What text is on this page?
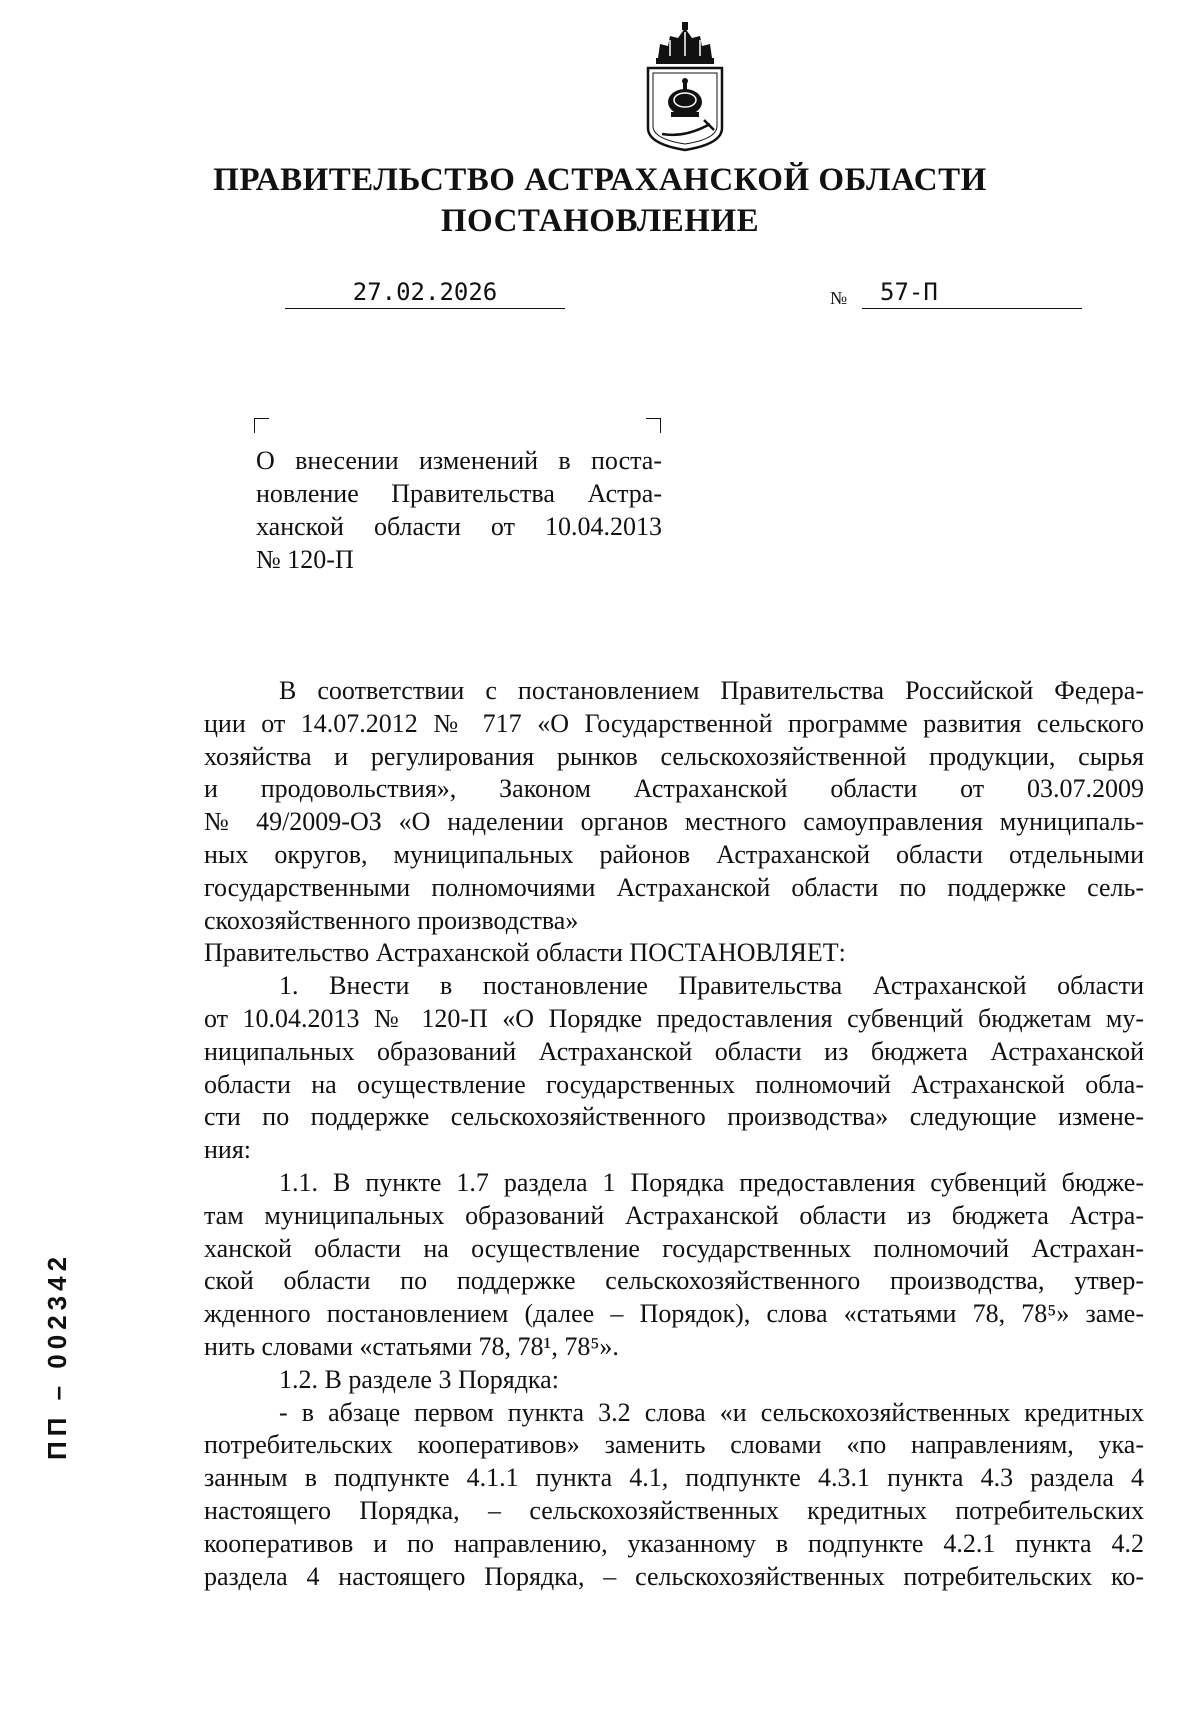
ПРАВИТЕЛЬСТВО АСТРАХАНСКОЙ ОБЛАСТИ
ПОСТАНОВЛЕНИЕ
27.02.2026	№	57-П
О внесении изменений в поста-
новление Правительства Астра-
ханской области от 10.04.2013
№ 120-П
В соответствии с постановлением Правительства Российской Федера-
ции от 14.07.2012 № 717 «О Государственной программе развития сельского
хозяйства и регулирования рынков сельскохозяйственной продукции, сырья
и продовольствия», Законом Астраханской области от 03.07.2009
№ 49/2009-ОЗ «О наделении органов местного самоуправления муниципаль-
ных округов, муниципальных районов Астраханской области отдельными
государственными полномочиями Астраханской области по поддержке сель-
скохозяйственного производства»
Правительство Астраханской области ПОСТАНОВЛЯЕТ:
1. Внести в постановление Правительства Астраханской области
от 10.04.2013 № 120-П «О Порядке предоставления субвенций бюджетам му-
ниципальных образований Астраханской области из бюджета Астраханской
области на осуществление государственных полномочий Астраханской обла-
сти по поддержке сельскохозяйственного производства» следующие измене-
ния:
1.1. В пункте 1.7 раздела 1 Порядка предоставления субвенций бюдже-
там муниципальных образований Астраханской области из бюджета Астра-
ханской области на осуществление государственных полномочий Астрахан-
ской области по поддержке сельскохозяйственного производства, утвер-
жденного постановлением (далее – Порядок), слова «статьями 78, 78⁵» заме-
нить словами «статьями 78, 78¹, 78⁵».
1.2. В разделе 3 Порядка:
- в абзаце первом пункта 3.2 слова «и сельскохозяйственных кредитных
потребительских кооперативов» заменить словами «по направлениям, ука-
занным в подпункте 4.1.1 пункта 4.1, подпункте 4.3.1 пункта 4.3 раздела 4
настоящего Порядка, – сельскохозяйственных кредитных потребительских
кооперативов и по направлению, указанному в подпункте 4.2.1 пункта 4.2
раздела 4 настоящего Порядка, – сельскохозяйственных потребительских ко-
ПП – 002342
